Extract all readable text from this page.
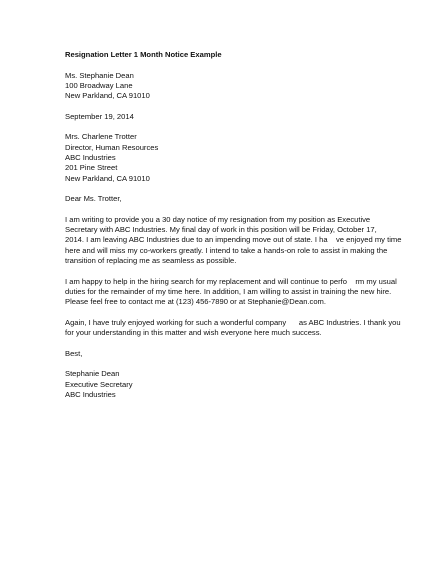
Resignation Letter 1 Month Notice Example
Ms. Stephanie Dean
100 Broadway Lane
New Parkland, CA 91010
September 19, 2014
Mrs. Charlene Trotter
Director, Human Resources
ABC Industries
201 Pine Street
New Parkland, CA 91010
Dear Ms. Trotter,
I am writing to provide you a 30 day notice of my resignation from my position as Executive
Secretary with ABC Industries. My final day of work in this position will be Friday, October 17,
2014. I am leaving ABC Industries due to an impending move out of state. I ha    ve enjoyed my time
here and will miss my co-workers greatly. I intend to take a hands-on role to assist in making the
transition of replacing me as seamless as possible.
I am happy to help in the hiring search for my replacement and will continue to perfo    rm my usual
duties for the remainder of my time here. In addition, I am willing to assist in training the new hire.
Please feel free to contact me at (123) 456-7890 or at Stephanie@Dean.com.
Again, I have truly enjoyed working for such a wonderful company      as ABC Industries. I thank you
for your understanding in this matter and wish everyone here much success.
Best,
Stephanie Dean
Executive Secretary
ABC Industries
